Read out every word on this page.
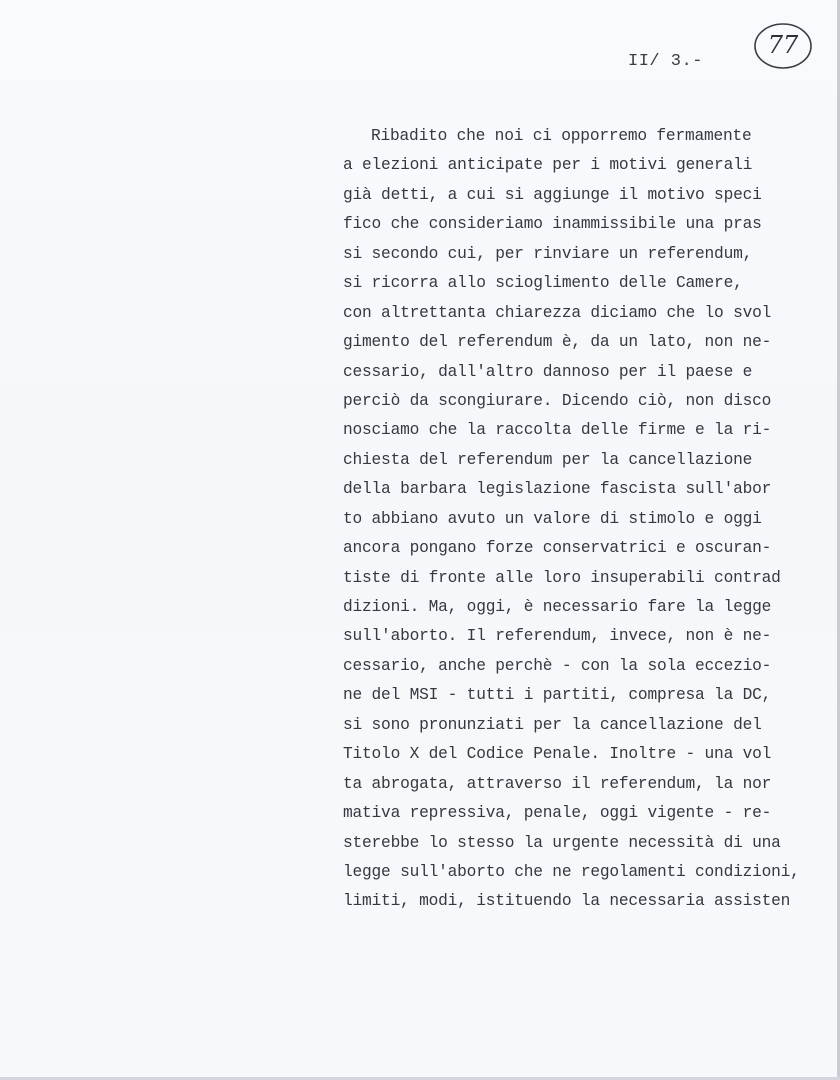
II/ 3.-
77
Ribadito che noi ci opporremo fermamente
a elezioni anticipate per i motivi generali
già detti, a cui si aggiunge il motivo speci
fico che consideriamo inammissibile una pras
si secondo cui, per rinviare un referendum,
si ricorra allo scioglimento delle Camere,
con altrettanta chiarezza diciamo che lo svol
gimento del referendum è, da un lato, non ne-
cessario, dall'altro dannoso per il paese e
perciò da scongiurare. Dicendo ciò, non disco
nosciamo che la raccolta delle firme e la ri-
chiesta del referendum per la cancellazione
della barbara legislazione fascista sull'abor
to abbiano avuto un valore di stimolo e oggi
ancora pongano forze conservatrici e oscuran-
tiste di fronte alle loro insuperabili contrad
dizioni. Ma, oggi, è necessario fare la legge
sull'aborto. Il referendum, invece, non è ne-
cessario, anche perchè - con la sola eccezio-
ne del MSI - tutti i partiti, compresa la DC,
si sono pronunziati per la cancellazione del
Titolo X del Codice Penale. Inoltre - una vol
ta abrogata, attraverso il referendum, la nor
mativa repressiva, penale, oggi vigente - re-
sterebbe lo stesso la urgente necessità di una
legge sull'aborto che ne regolamenti condizioni,
limiti, modi, istituendo la necessaria assisten
